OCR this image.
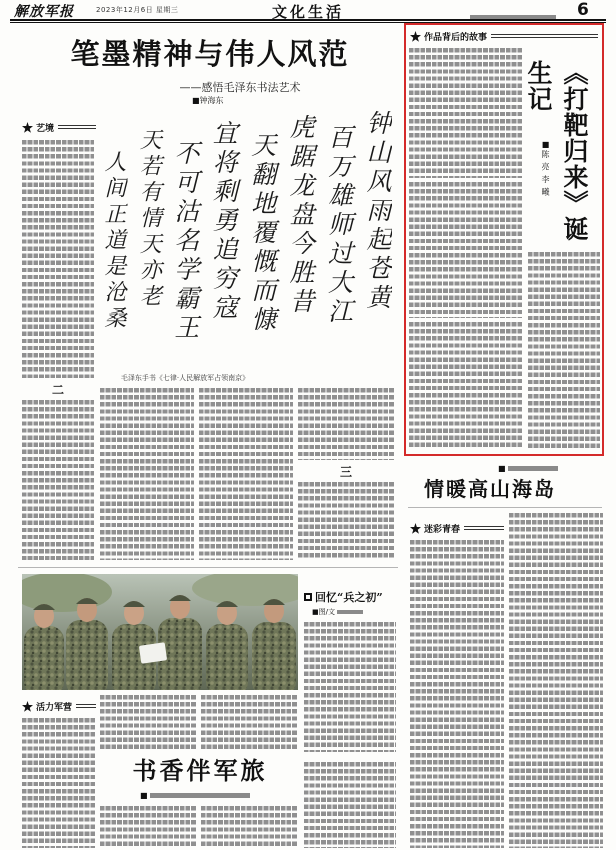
解放军报	2023年12月6日 星期三	文化生活	6
笔墨精神与伟人风范
——感悟毛泽东书法艺术
■钟海东
艺境
二
钟山风雨起苍黄
百万雄师过大江
虎踞龙盘今胜昔
天翻地覆慨而慷
宜将剩勇追穷寇
不可沽名学霸王
天若有情天亦老
人间正道是沧桑
毛泽东手书《七律·人民解放军占领南京》
三
作品背后的故事
《打靶归来》诞生记
■陈 亮 李 曦
■
情暖高山海岛
迷彩青春
回忆“兵之初”
■图/文
活力军营
书香伴军旅
■
